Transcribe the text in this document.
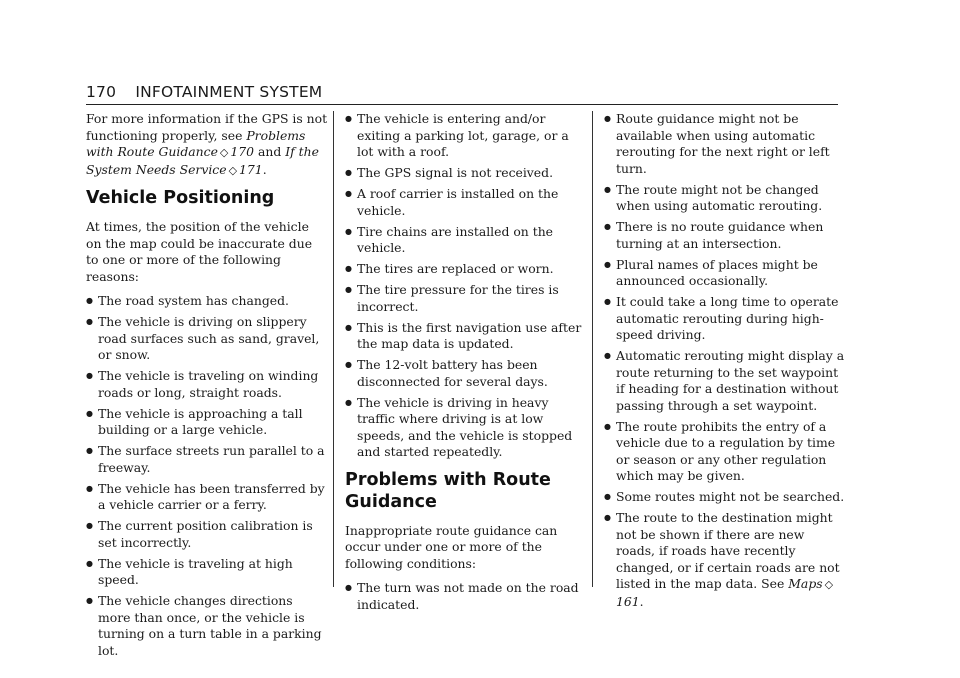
170 INFOTAINMENT SYSTEM

For more information if the GPS is not functioning properly, see Problems with Route Guidance ◇ 170 and If the System Needs Service ◇ 171.

Vehicle Positioning

At times, the position of the vehicle on the map could be inaccurate due to one or more of the following reasons:

● The road system has changed.
● The vehicle is driving on slippery road surfaces such as sand, gravel, or snow.
● The vehicle is traveling on winding roads or long, straight roads.
● The vehicle is approaching a tall building or a large vehicle.
● The surface streets run parallel to a freeway.
● The vehicle has been transferred by a vehicle carrier or a ferry.
● The current position calibration is set incorrectly.
● The vehicle is traveling at high speed.
● The vehicle changes directions more than once, or the vehicle is turning on a turn table in a parking lot.
● The vehicle is entering and/or exiting a parking lot, garage, or a lot with a roof.
● The GPS signal is not received.
● A roof carrier is installed on the vehicle.
● Tire chains are installed on the vehicle.
● The tires are replaced or worn.
● The tire pressure for the tires is incorrect.
● This is the first navigation use after the map data is updated.
● The 12-volt battery has been disconnected for several days.
● The vehicle is driving in heavy traffic where driving is at low speeds, and the vehicle is stopped and started repeatedly.
Problems with Route Guidance

Inappropriate route guidance can occur under one or more of the following conditions:

● The turn was not made on the road indicated.
● Route guidance might not be available when using automatic rerouting for the next right or left turn.
● The route might not be changed when using automatic rerouting.
● There is no route guidance when turning at an intersection.
● Plural names of places might be announced occasionally.
● It could take a long time to operate automatic rerouting during high-speed driving.
● Automatic rerouting might display a route returning to the set waypoint if heading for a destination without passing through a set waypoint.
● The route prohibits the entry of a vehicle due to a regulation by time or season or any other regulation which may be given.
● Some routes might not be searched.
● The route to the destination might not be shown if there are new roads, if roads have recently changed, or if certain roads are not listed in the map data. See Maps ◇161.
